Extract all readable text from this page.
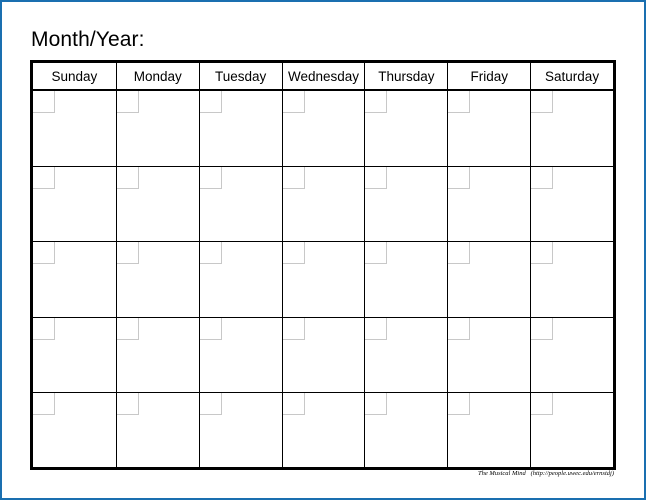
Month/Year:
Sunday	Monday	Tuesday	Wednesday	Thursday	Friday	Saturday
The Musical Mind (http://people.uwec.edu/ernstdj)
